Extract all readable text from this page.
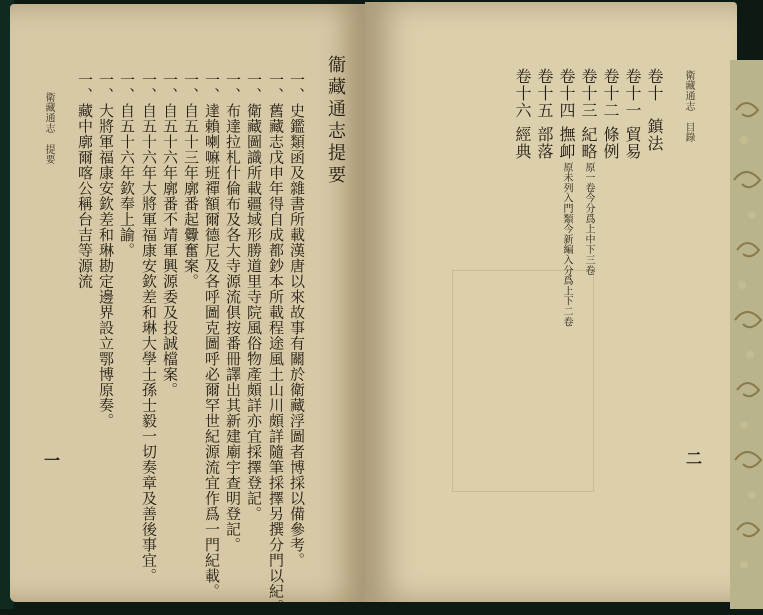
衛藏通志　提要
一
一、藏中廓爾喀公稱台吉等源流 一、大將軍福康安欽差和琳勘定邊界設立鄂博原奏。 一、自五十六年欽奉上諭。 一、自五十六年大將軍福康安欽差和琳大學士孫士毅一切奏章及善後事宜。 一、自五十六年廓番不靖軍興源委及投誠檔案。 一、自五十三年廓番起釁奮案。 一、達賴喇嘛班禪額爾德尼及各呼圖克圖呼必爾罕世紀源流宜作爲一門紀載。 一、布達拉札什倫布及各大寺源流俱按番冊譯出其新建廟宇查明登記。 一、衛藏圖識所載疆域形勝道里寺院風俗物產頗詳亦宜採擇登記。 一、舊藏志戊申年得自成都鈔本所載程途風土山川頗詳隨筆採擇另撰分門以紀。 一、史鑑類函及雜書所載漢唐以來故事有關於衛藏浮圖者博採以備參考。 衞藏通志提要	衛藏通志　目錄
二
卷十
鎮法
卷十一
貿易
卷十二
條例
卷十三
紀略
原一卷今分爲上中下三卷
卷十四
撫卹
原未列入門類今新編入分爲上下二卷
卷十五
部落
卷十六
經典
